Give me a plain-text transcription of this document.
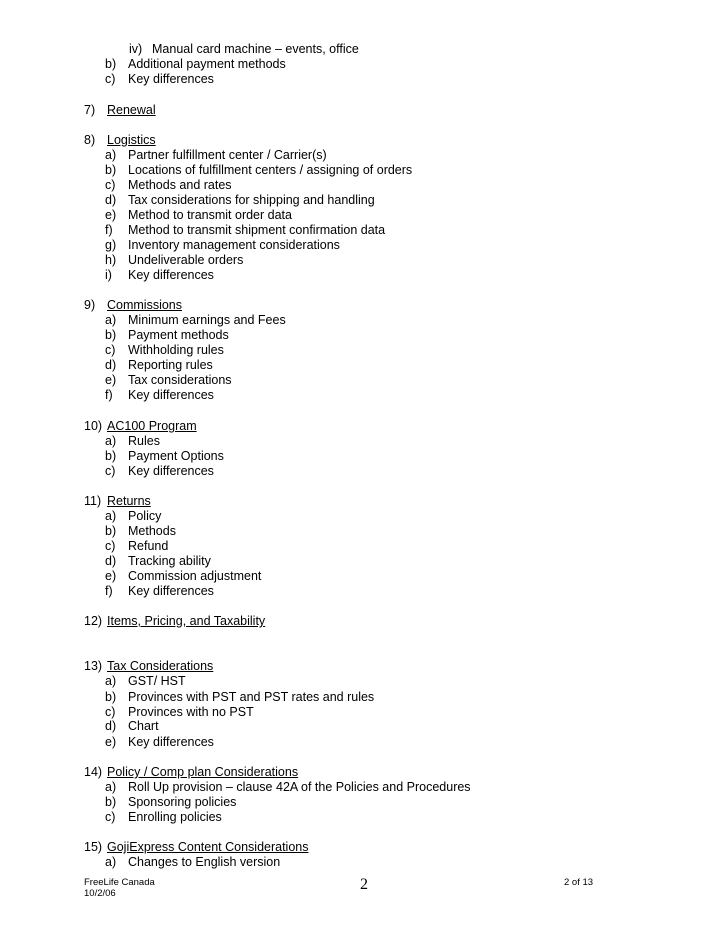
iv) Manual card machine – events, office
b) Additional payment methods
c) Key differences
7) Renewal
8) Logistics
a) Partner fulfillment center / Carrier(s)
b) Locations of fulfillment centers / assigning of orders
c) Methods and rates
d) Tax considerations for shipping and handling
e) Method to transmit order data
f) Method to transmit shipment confirmation data
g) Inventory management considerations
h) Undeliverable orders
i) Key differences
9) Commissions
a) Minimum earnings and Fees
b) Payment methods
c) Withholding rules
d) Reporting rules
e) Tax considerations
f) Key differences
10) AC100 Program
a) Rules
b) Payment Options
c) Key differences
11) Returns
a) Policy
b) Methods
c) Refund
d) Tracking ability
e) Commission adjustment
f) Key differences
12) Items, Pricing, and Taxability
13) Tax Considerations
a) GST/ HST
b) Provinces with PST and PST rates and rules
c) Provinces with no PST
d) Chart
e) Key differences
14) Policy / Comp plan Considerations
a) Roll Up provision – clause 42A of the Policies and Procedures
b) Sponsoring policies
c) Enrolling policies
15) GojiExpress Content Considerations
a) Changes to English version
FreeLife Canada
10/2/06
2	2 of 13
